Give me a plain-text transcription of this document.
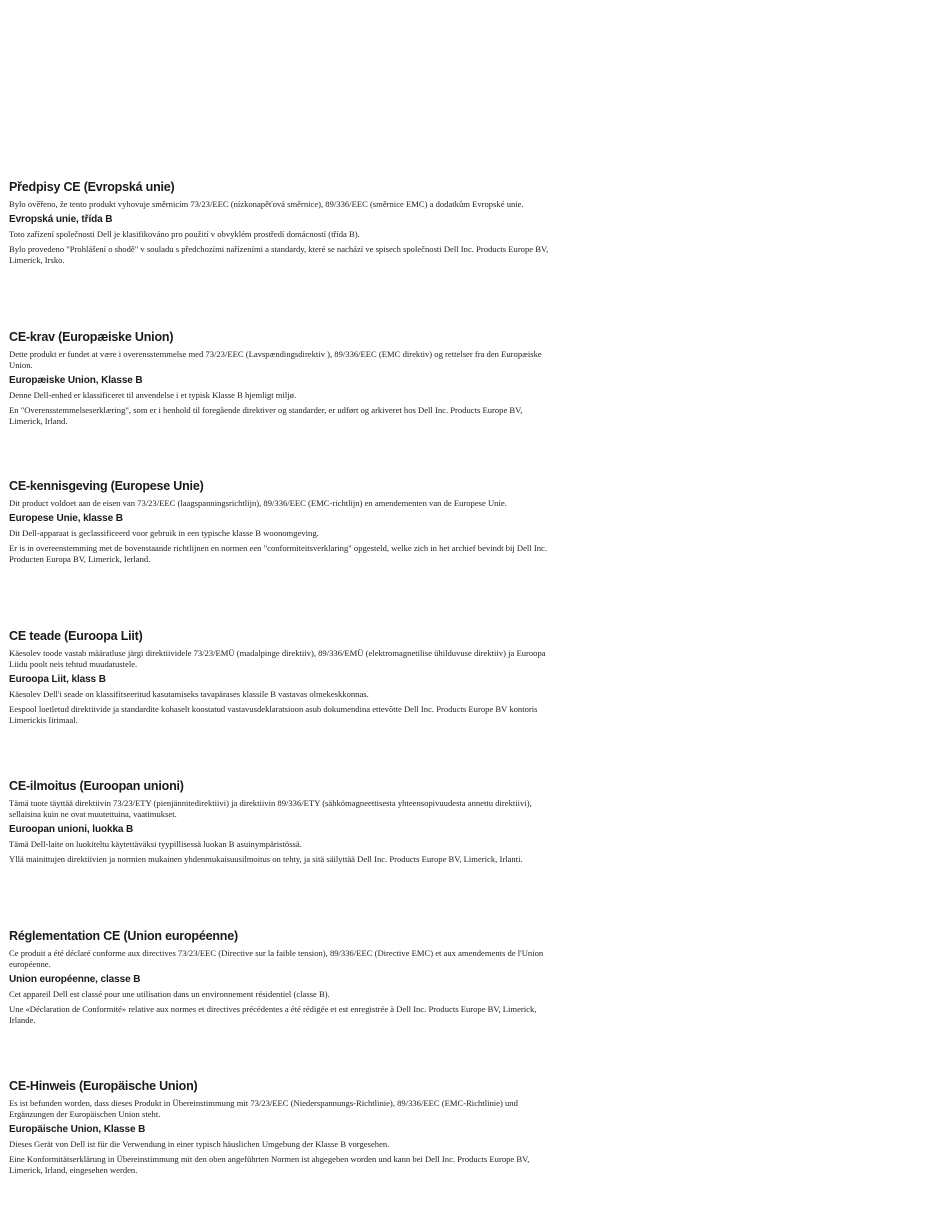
Předpisy CE (Evropská unie)
Bylo ověřeno, že tento produkt vyhovuje směrnicím 73/23/EEC (nízkonapěťová směrnice), 89/336/EEC (směrnice EMC) a dodatkům Evropské unie.
Evropská unie, třída B
Toto zařízení společnosti Dell je klasifikováno pro použití v obvyklém prostředí domácností (třída B).
Bylo provedeno "Prohlášení o shodě" v souladu s předchozími nařízeními a standardy, které se nachází ve spisech společnosti Dell Inc. Products Europe BV, Limerick, Irsko.
CE-krav (Europæiske Union)
Dette produkt er fundet at være i overensstemmelse med 73/23/EEC (Lavspændingsdirektiv ), 89/336/EEC (EMC direktiv) og rettelser fra den Europæiske Union.
Europæiske Union, Klasse B
Denne Dell-enhed er klassificeret til anvendelse i et typisk Klasse B hjemligt miljø.
En "Overensstemmelseserklæring", som er i henhold til foregående direktiver og standarder, er udført og arkiveret hos Dell Inc. Products Europe BV, Limerick, Irland.
CE-kennisgeving (Europese Unie)
Dit product voldoet aan de eisen van 73/23/EEC (laagspanningsrichtlijn), 89/336/EEC (EMC-richtlijn) en amendementen van de Europese Unie.
Europese Unie, klasse B
Dit Dell-apparaat is geclassificeerd voor gebruik in een typische klasse B woonomgeving.
Er is in overeenstemming met de bovenstaande richtlijnen en normen een "conformiteitsverklaring" opgesteld, welke zich in het archief bevindt bij Dell Inc. Producten Europa BV, Limerick, Ierland.
CE teade (Euroopa Liit)
Käesolev toode vastab määratluse järgi direktiividele 73/23/EMÜ (madalpinge direktiiv), 89/336/EMÜ (elektromagnetilise ühilduvuse direktiiv) ja Euroopa Liidu poolt neis tehtud muudatustele.
Euroopa Liit, klass B
Käesolev Dell'i seade on klassifitseeritud kasutamiseks tavapärases klassile B vastavas olmekeskkonnas.
Eespool loetletud direktiivide ja standardite kohaselt koostatud vastavusdeklaratsioon asub dokumendina ettevõtte Dell Inc. Products Europe BV kontoris Limerickis Iirimaal.
CE-ilmoitus (Euroopan unioni)
Tämä tuote täyttää direktiivin 73/23/ETY (pienjännitedirektiivi) ja direktiivin 89/336/ETY (sähkömagneettisesta yhteensopivuudesta annettu direktiivi), sellaisina kuin ne ovat muutettuina, vaatimukset.
Euroopan unioni, luokka B
Tämä Dell-laite on luokiteltu käytettäväksi tyypillisessä luokan B asuinympäristössä.
Yllä mainittujen direktiivien ja normien mukainen yhdenmukaisuusilmoitus on tehty, ja sitä säilyttää Dell Inc. Products Europe BV, Limerick, Irlanti.
Réglementation CE (Union européenne)
Ce produit a été déclaré conforme aux directives 73/23/EEC (Directive sur la faible tension), 89/336/EEC (Directive EMC) et aux amendements de l'Union européenne.
Union européenne, classe B
Cet appareil Dell est classé pour une utilisation dans un environnement résidentiel (classe B).
Une «Déclaration de Conformité» relative aux normes et directives précédentes a été rédigée et est enregistrée à Dell Inc. Products Europe BV, Limerick, Irlande.
CE-Hinweis (Europäische Union)
Es ist befunden worden, dass dieses Produkt in Übereinstimmung mit 73/23/EEC (Niederspannungs-Richtlinie), 89/336/EEC (EMC-Richtlinie) und Ergänzungen der Europäischen Union steht.
Europäische Union, Klasse B
Dieses Gerät von Dell ist für die Verwendung in einer typisch häuslichen Umgebung der Klasse B vorgesehen.
Eine Konformitätserklärung in Übereinstimmung mit den oben angeführten Normen ist abgegeben worden und kann bei Dell Inc. Products Europe BV, Limerick, Irland, eingesehen werden.
